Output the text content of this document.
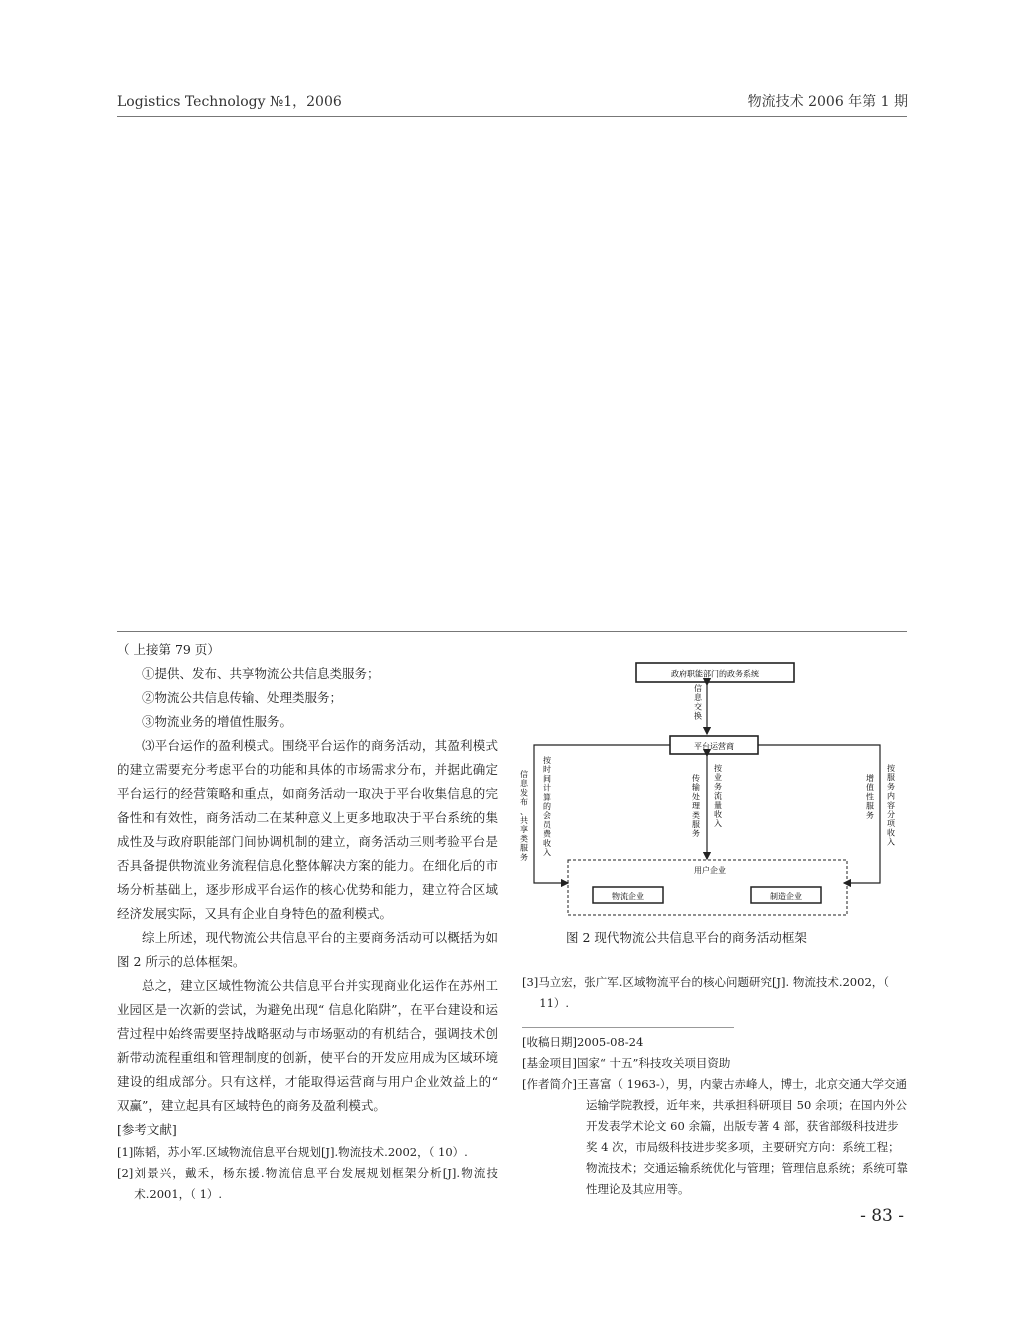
Logistics Technology №1，2006	物流技术 2006 年第 1 期

（ 上接第 79 页）

①提供、发布、共享物流公共信息类服务；

②物流公共信息传输、处理类服务；

③物流业务的增值性服务。

⑶平台运作的盈利模式。围绕平台运作的商务活动，其盈利模式的建立需要充分考虑平台的功能和具体的市场需求分布，并据此确定平台运行的经营策略和重点，如商务活动一取决于平台收集信息的完备性和有效性，商务活动二在某种意义上更多地取决于平台系统的集成性及与政府职能部门间协调机制的建立，商务活动三则考验平台是否具备提供物流业务流程信息化整体解决方案的能力。在细化后的市场分析基础上，逐步形成平台运作的核心优势和能力，建立符合区域经济发展实际，又具有企业自身特色的盈利模式。

综上所述，现代物流公共信息平台的主要商务活动可以概括为如图 2 所示的总体框架。

总之，建立区域性物流公共信息平台并实现商业化运作在苏州工业园区是一次新的尝试，为避免出现“ 信息化陷阱”，在平台建设和运营过程中始终需要坚持战略驱动与市场驱动的有机结合，强调技术创新带动流程重组和管理制度的创新，使平台的开发应用成为区域环境建设的组成部分。只有这样，才能取得运营商与用户企业效益上的“ 双赢”，建立起具有区域特色的商务及盈利模式。

[参考文献]

[1]陈韬，苏小军.区域物流信息平台规划[J].物流技术.2002，（ 10）.

[2]刘景兴，戴禾，杨东援.物流信息平台发展规划框架分析[J].物流技术.2001，（ 1）.

政府职能部门的政务系统
信息交换
平台运营商
信息发布、共享类服务
按时间计算的会员费收入
按服务内容分项收入
增值性服务
传输处理类服务
按业务流量收入
用户企业
物流企业	制造企业
图 2 现代物流公共信息平台的商务活动框架

[3]马立宏，张广军.区域物流平台的核心问题研究[J]. 物流技术.2002，（ 11）.

[收稿日期]2005-08-24

[基金项目]国家“ 十五”科技攻关项目资助

[作者简介]王喜富（ 1963-），男，内蒙古赤峰人，博士，北京交通大学交通运输学院教授，近年来，共承担科研项目 50 余项；在国内外公开发表学术论文 60 余篇，出版专著 4 部，获省部级科技进步奖 4 次，市局级科技进步奖多项，主要研究方向：系统工程；物流技术；交通运输系统优化与管理；管理信息系统；系统可靠性理论及其应用等。

- 83 -
